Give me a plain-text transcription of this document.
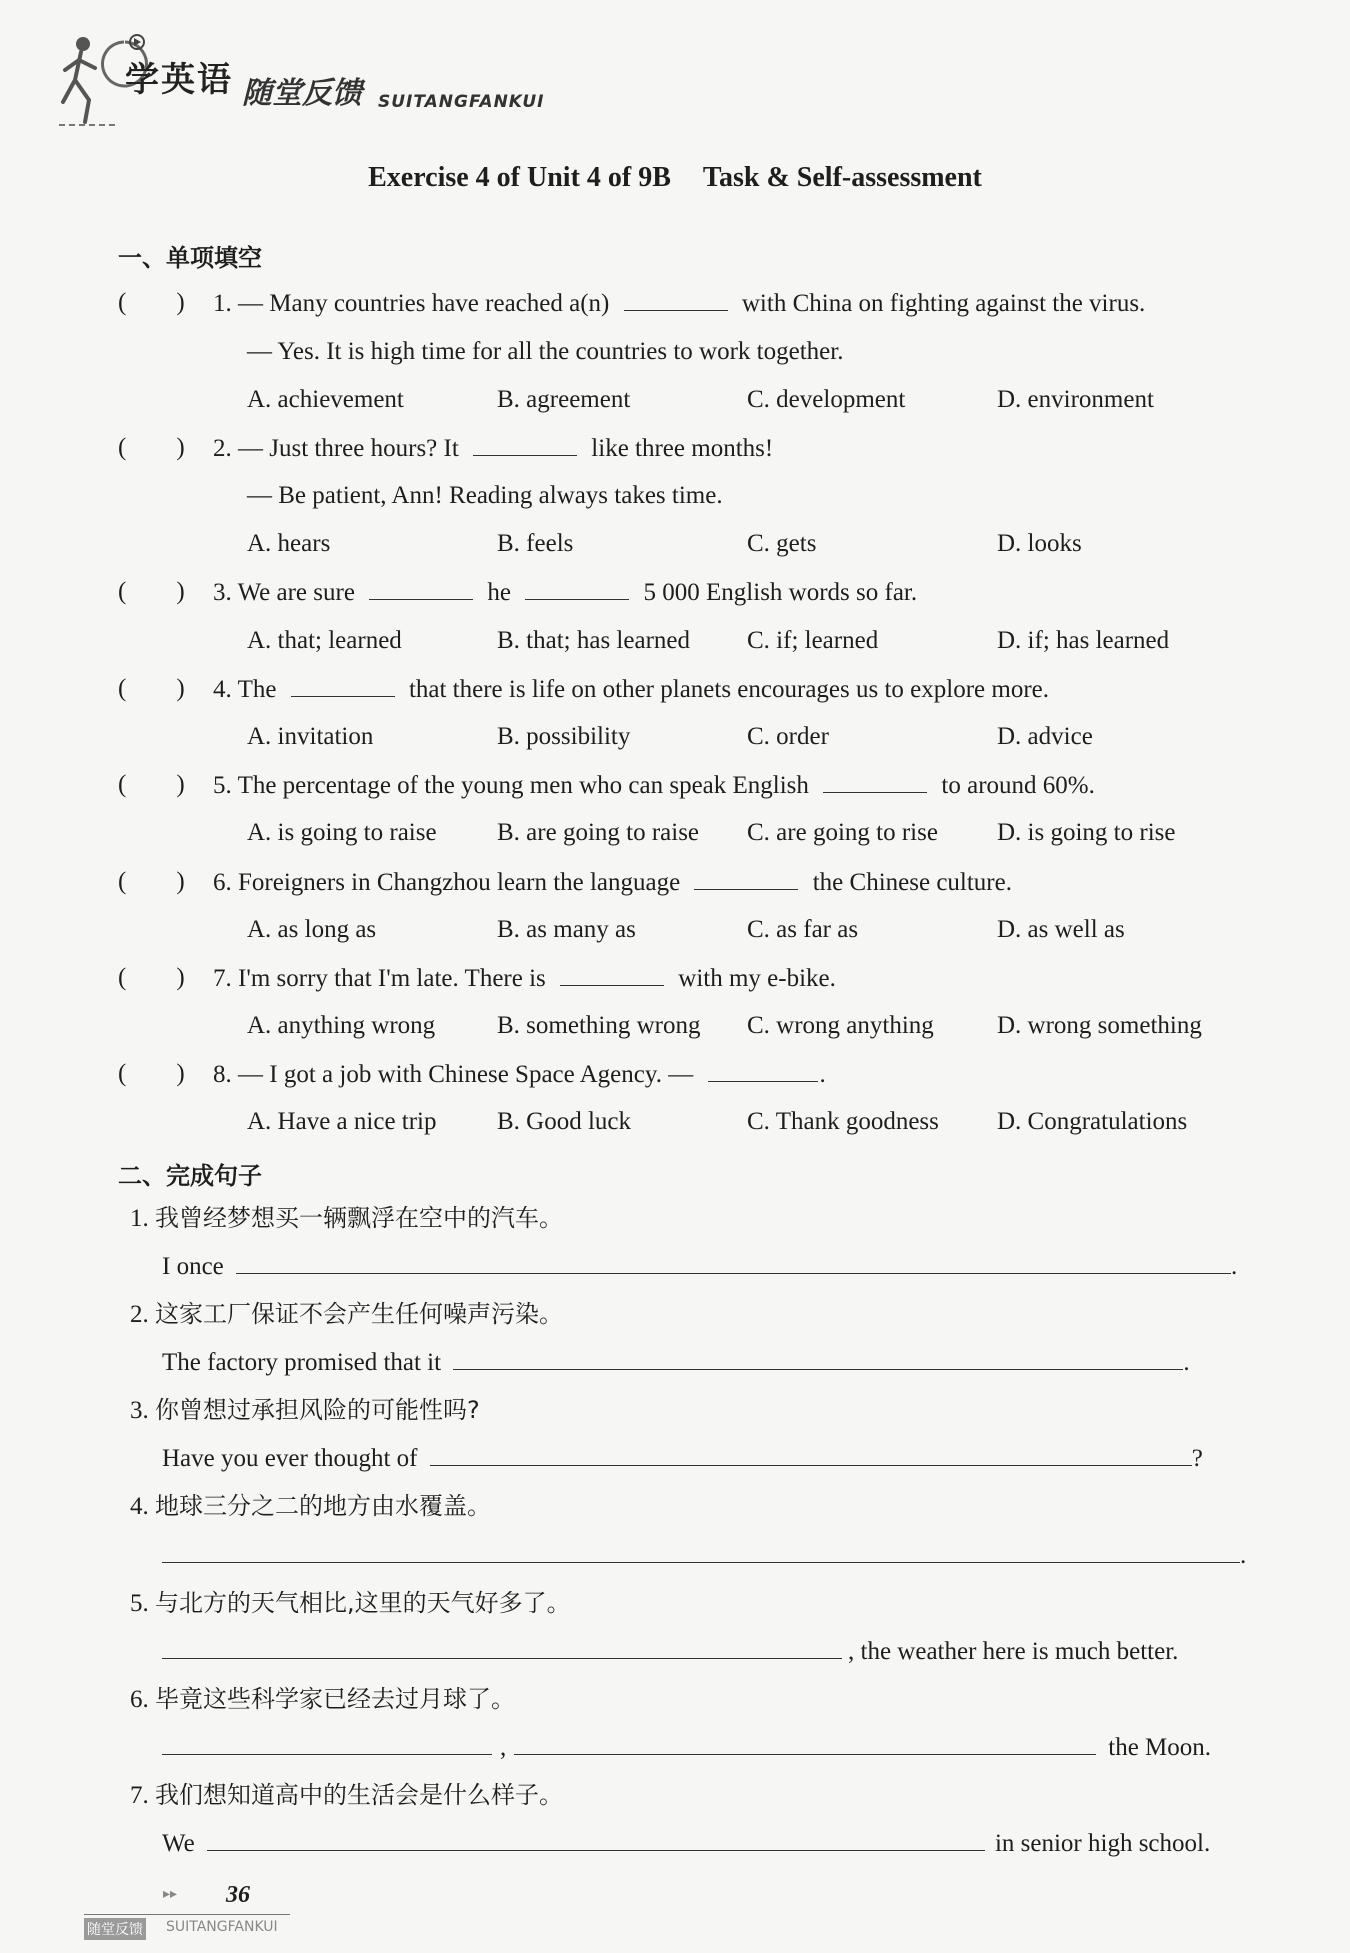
学英语 随堂反馈 SUITANGFANKUI
Exercise 4 of Unit 4 of 9B Task & Self-assessment
一、单项填空
(        ) 1. — Many countries have reached a(n)	with China on fighting against the virus.
— Yes. It is high time for all the countries to work together.
A. achievement	B. agreement	C. development	D. environment
(        ) 2. — Just three hours? It	like three months!
— Be patient, Ann! Reading always takes time.
A. hears	B. feels	C. gets	D. looks
(        ) 3. We are sure	he	5 000 English words so far.
A. that; learned	B. that; has learned C. if; learned	D. if; has learned
(        ) 4. The	that there is life on other planets encourages us to explore more.
A. invitation	B. possibility	C. order	D. advice
(        ) 5. The percentage of the young men who can speak English	to around 60%.
A. is going to raise B. are going to raise C. are going to rise D. is going to rise
(        ) 6. Foreigners in Changzhou learn the language	the Chinese culture.
A. as long as	B. as many as	C. as far as	D. as well as
(        ) 7. I'm sorry that I'm late. There is	with my e-bike.
A. anything wrong B. something wrong C. wrong anything	D. wrong something
(        ) 8. — I got a job with Chinese Space Agency. —	.
A. Have a nice trip B. Good luck	C. Thank goodness D. Congratulations
二、完成句子
1. 我曾经梦想买一辆飘浮在空中的汽车。
I once	.
2. 这家工厂保证不会产生任何噪声污染。
The factory promised that it	.
3. 你曾想过承担风险的可能性吗?
Have you ever thought of	?
4. 地球三分之二的地方由水覆盖。
.
5. 与北方的天气相比,这里的天气好多了。
, the weather here is much better.
6. 毕竟这些科学家已经去过月球了。
,	the Moon.
7. 我们想知道高中的生活会是什么样子。
We	in senior high school.
▸▸ 36
随堂反馈 SUITANGFANKUI
